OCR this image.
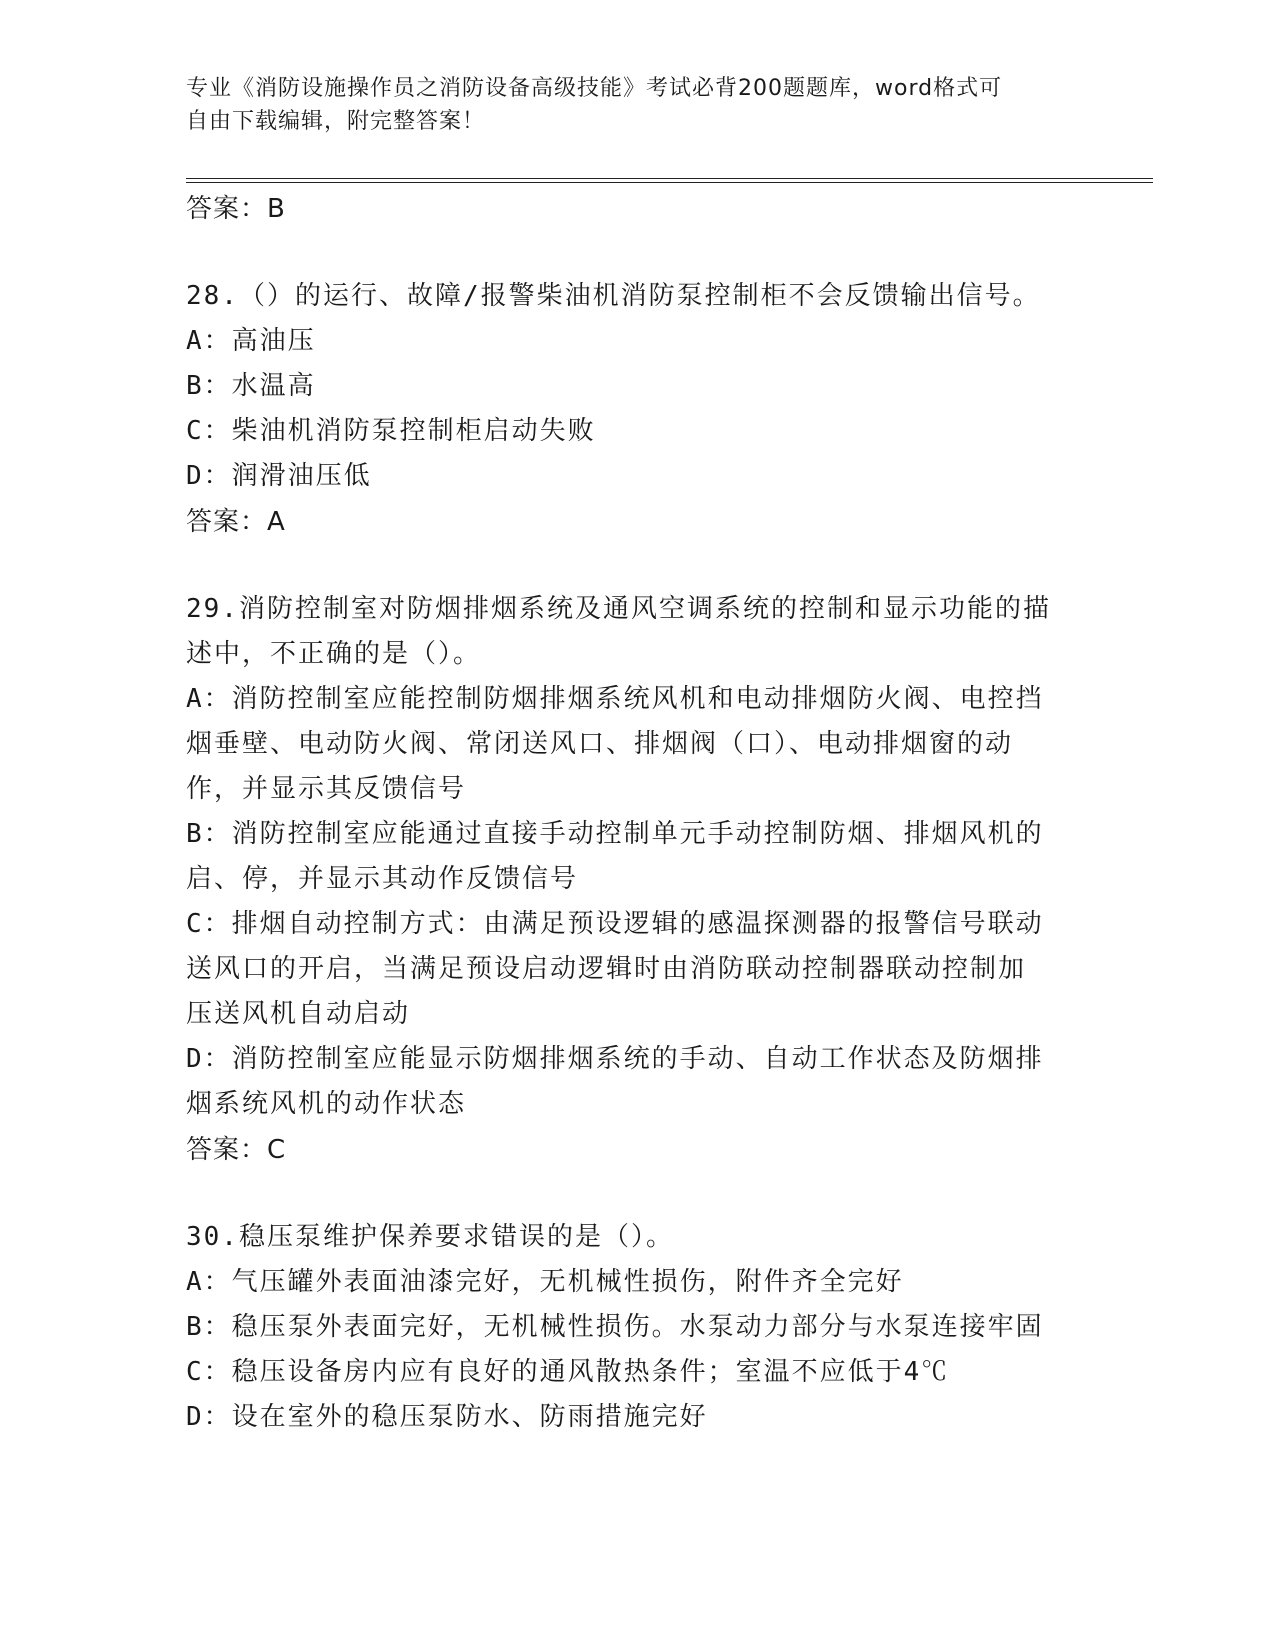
专业《消防设施操作员之消防设备高级技能》考试必背200题题库，word格式可
自由下载编辑，附完整答案！
答案：B
28.（）的运行、故障/报警柴油机消防泵控制柜不会反馈输出信号。
A：高油压
B：水温高
C：柴油机消防泵控制柜启动失败
D：润滑油压低
答案：A
29.消防控制室对防烟排烟系统及通风空调系统的控制和显示功能的描
述中，不正确的是（）。
A：消防控制室应能控制防烟排烟系统风机和电动排烟防火阀、电控挡
烟垂壁、电动防火阀、常闭送风口、排烟阀（口）、电动排烟窗的动
作，并显示其反馈信号
B：消防控制室应能通过直接手动控制单元手动控制防烟、排烟风机的
启、停，并显示其动作反馈信号
C：排烟自动控制方式：由满足预设逻辑的感温探测器的报警信号联动
送风口的开启，当满足预设启动逻辑时由消防联动控制器联动控制加
压送风机自动启动
D：消防控制室应能显示防烟排烟系统的手动、自动工作状态及防烟排
烟系统风机的动作状态
答案：C
30.稳压泵维护保养要求错误的是（）。
A：气压罐外表面油漆完好，无机械性损伤，附件齐全完好
B：稳压泵外表面完好，无机械性损伤。水泵动力部分与水泵连接牢固
C：稳压设备房内应有良好的通风散热条件；室温不应低于4℃
D：设在室外的稳压泵防水、防雨措施完好
